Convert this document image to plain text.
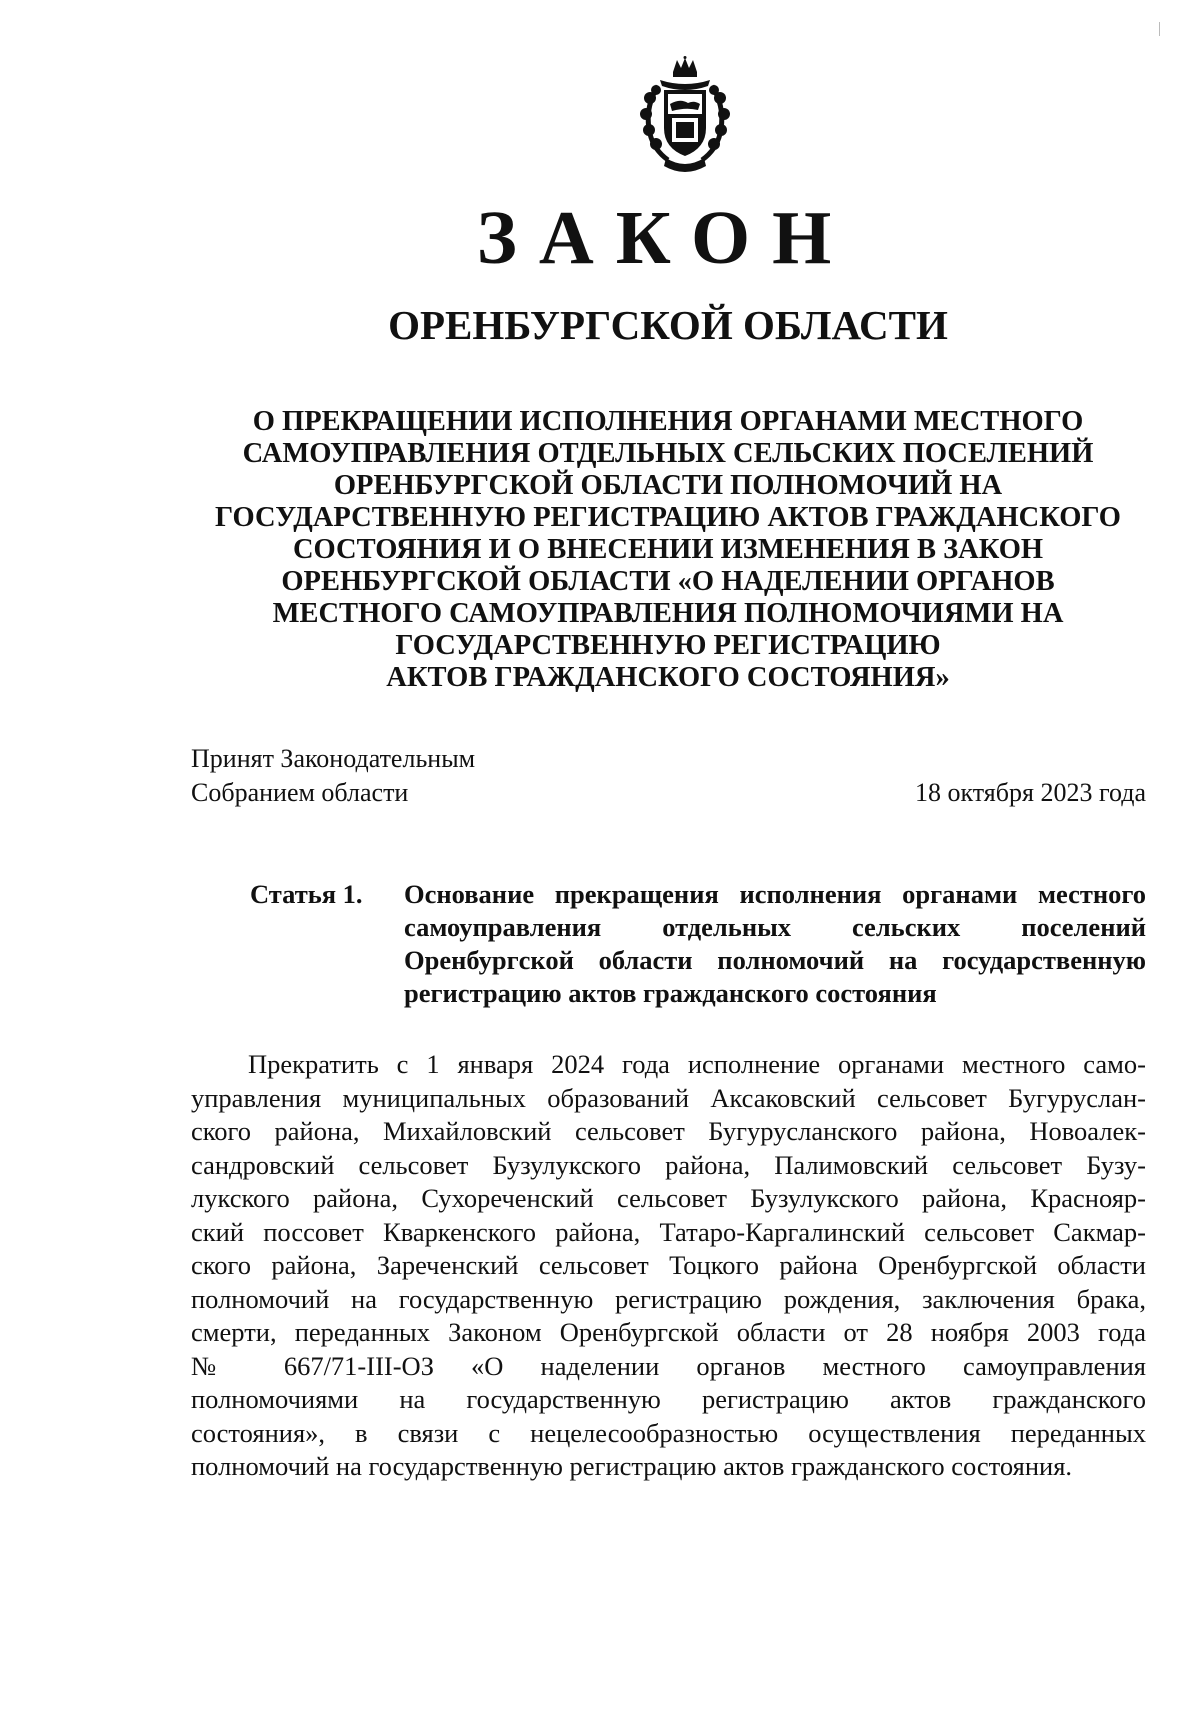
ЗАКОН
ОРЕНБУРГСКОЙ ОБЛАСТИ
О ПРЕКРАЩЕНИИ ИСПОЛНЕНИЯ ОРГАНАМИ МЕСТНОГО
САМОУПРАВЛЕНИЯ ОТДЕЛЬНЫХ СЕЛЬСКИХ ПОСЕЛЕНИЙ
ОРЕНБУРГСКОЙ ОБЛАСТИ ПОЛНОМОЧИЙ НА
ГОСУДАРСТВЕННУЮ РЕГИСТРАЦИЮ АКТОВ ГРАЖДАНСКОГО
СОСТОЯНИЯ И О ВНЕСЕНИИ ИЗМЕНЕНИЯ В ЗАКОН
ОРЕНБУРГСКОЙ ОБЛАСТИ «О НАДЕЛЕНИИ ОРГАНОВ
МЕСТНОГО САМОУПРАВЛЕНИЯ ПОЛНОМОЧИЯМИ НА
ГОСУДАРСТВЕННУЮ РЕГИСТРАЦИЮ
АКТОВ ГРАЖДАНСКОГО СОСТОЯНИЯ»
Принят Законодательным
Собранием области	18 октября 2023 года
Статья 1. Основание прекращения исполнения органами местного самоуправления отдельных сельских поселений Оренбургской области полномочий на государственную регистрацию актов гражданского состояния
Прекратить с 1 января 2024 года исполнение органами местного само-
управления муниципальных образований Аксаковский сельсовет Бугуруслан-
ского района, Михайловский сельсовет Бугурусланского района, Новоалек-
сандровский сельсовет Бузулукского района, Палимовский сельсовет Бузу-
лукского района, Сухореченский сельсовет Бузулукского района, Краснояр-
ский поссовет Кваркенского района, Татаро-Каргалинский сельсовет Сакмар-
ского района, Зареченский сельсовет Тоцкого района Оренбургской области
полномочий на государственную регистрацию рождения, заключения брака,
смерти, переданных Законом Оренбургской области от 28 ноября 2003 года
№ 667/71-III-ОЗ «О наделении органов местного самоуправления
полномочиями на государственную регистрацию актов гражданского
состояния», в связи с нецелесообразностью осуществления переданных
полномочий на государственную регистрацию актов гражданского состояния.
